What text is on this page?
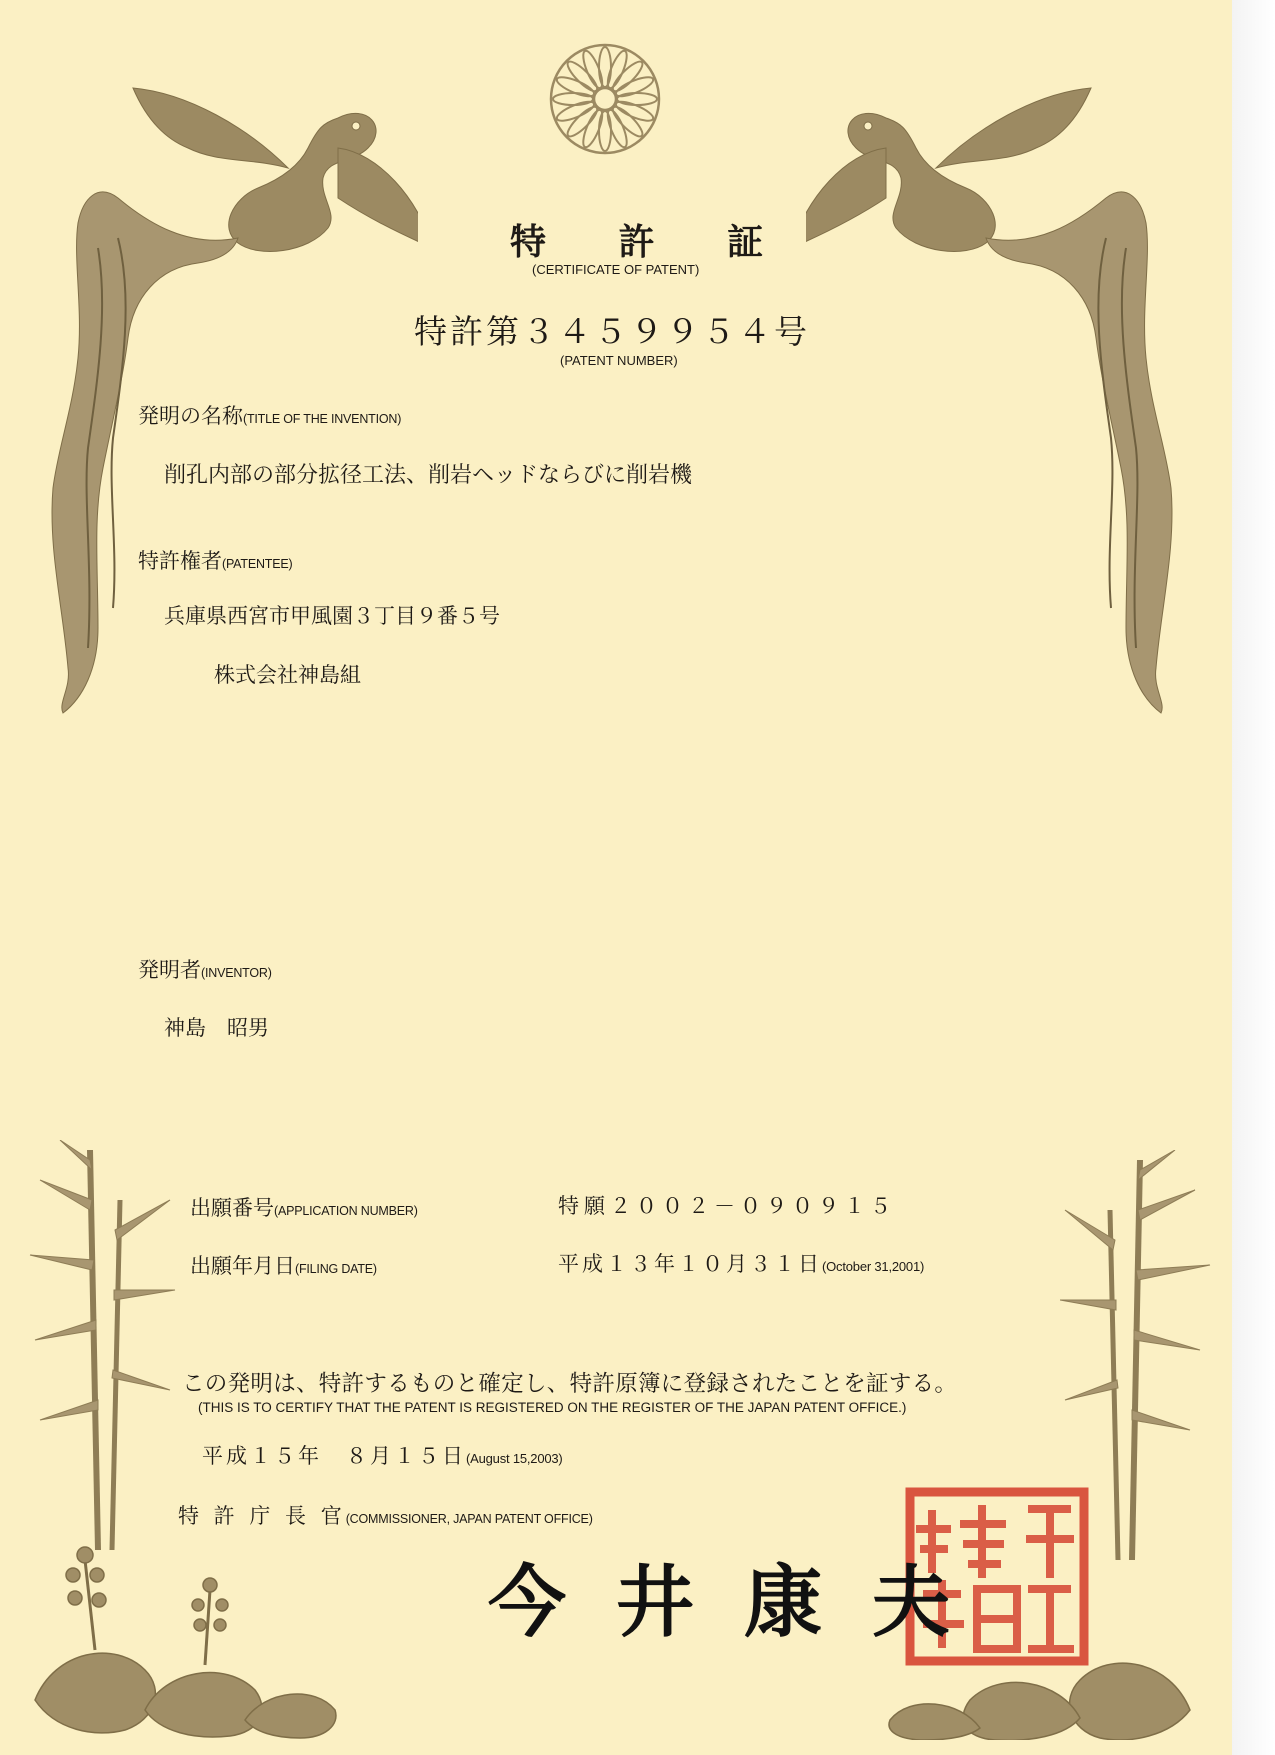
特 許 証
(CERTIFICATE OF PATENT)
特許第３４５９９５４号
(PATENT NUMBER)
発明の名称(TITLE OF THE INVENTION)
削孔内部の部分拡径工法、削岩ヘッドならびに削岩機
特許権者(PATENTEE)
兵庫県西宮市甲風園３丁目９番５号
株式会社神島組
発明者(INVENTOR)
神島　昭男
出願番号(APPLICATION NUMBER)	特願２００２－０９０９１５
出願年月日(FILING DATE)	平成１３年１０月３１日(October 31,2001)
この発明は、特許するものと確定し、特許原簿に登録されたことを証する。
(THIS IS TO CERTIFY THAT THE PATENT IS REGISTERED ON THE REGISTER OF THE JAPAN PATENT OFFICE.)
平成１５年　８月１５日(August 15,2003)
特 許 庁 長 官(COMMISSIONER, JAPAN PATENT OFFICE)
今井康夫
